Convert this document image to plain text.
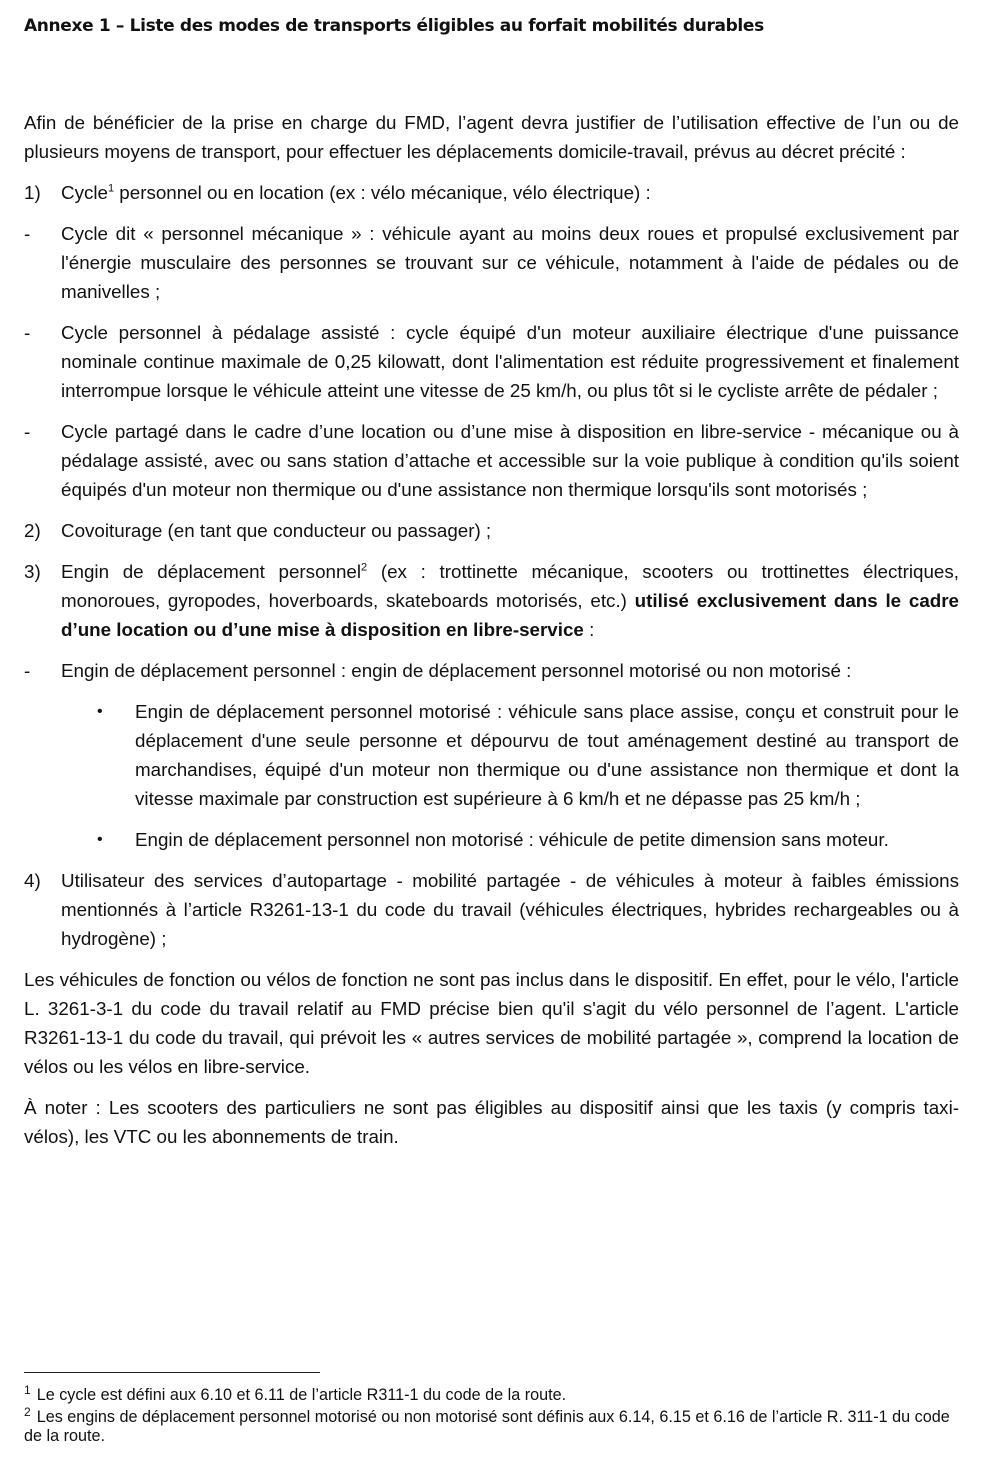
Annexe 1 – Liste des modes de transports éligibles au forfait mobilités durables

Afin de bénéficier de la prise en charge du FMD, l’agent devra justifier de l’utilisation effective de l’un ou de plusieurs moyens de transport, pour effectuer les déplacements domicile-travail, prévus au décret précité :

1) Cycle$^1$ personnel ou en location (ex : vélo mécanique, vélo électrique) :
- Cycle dit « personnel mécanique » : véhicule ayant au moins deux roues et propulsé exclusivement par l'énergie musculaire des personnes se trouvant sur ce véhicule, notamment à l'aide de pédales ou de manivelles ;
- Cycle personnel à pédalage assisté : cycle équipé d'un moteur auxiliaire électrique d'une puissance nominale continue maximale de 0,25 kilowatt, dont l'alimentation est réduite progressivement et finalement interrompue lorsque le véhicule atteint une vitesse de 25 km/h, ou plus tôt si le cycliste arrête de pédaler ;
- Cycle partagé dans le cadre d’une location ou d’une mise à disposition en libre-service - mécanique ou à pédalage assisté, avec ou sans station d’attache et accessible sur la voie publique à condition qu'ils soient équipés d'un moteur non thermique ou d'une assistance non thermique lorsqu'ils sont motorisés ;
2) Covoiturage (en tant que conducteur ou passager) ;
3) Engin de déplacement personnel$^2$ (ex : trottinette mécanique, scooters ou trottinettes électriques, monoroues, gyropodes, hoverboards, skateboards motorisés, etc.) utilisé exclusivement dans le cadre d’une location ou d’une mise à disposition en libre-service :
- Engin de déplacement personnel : engin de déplacement personnel motorisé ou non motorisé :
• Engin de déplacement personnel motorisé : véhicule sans place assise, conçu et construit pour le déplacement d'une seule personne et dépourvu de tout aménagement destiné au transport de marchandises, équipé d'un moteur non thermique ou d'une assistance non thermique et dont la vitesse maximale par construction est supérieure à 6 km/h et ne dépasse pas 25 km/h ;
• Engin de déplacement personnel non motorisé : véhicule de petite dimension sans moteur.
4) Utilisateur des services d’autopartage - mobilité partagée - de véhicules à moteur à faibles émissions mentionnés à l’article R3261-13-1 du code du travail (véhicules électriques, hybrides rechargeables ou à hydrogène) ;

Les véhicules de fonction ou vélos de fonction ne sont pas inclus dans le dispositif. En effet, pour le vélo, l'article L. 3261-3-1 du code du travail relatif au FMD précise bien qu'il s'agit du vélo personnel de l’agent. L'article R3261-13-1 du code du travail, qui prévoit les « autres services de mobilité partagée », comprend la location de vélos ou les vélos en libre-service.

À noter : Les scooters des particuliers ne sont pas éligibles au dispositif ainsi que les taxis (y compris taxi-vélos), les VTC ou les abonnements de train.

$^1$ Le cycle est défini aux 6.10 et 6.11 de l’article R311-1 du code de la route.

$^2$ Les engins de déplacement personnel motorisé ou non motorisé sont définis aux 6.14, 6.15 et 6.16 de l’article R. 311-1 du code de la route.
